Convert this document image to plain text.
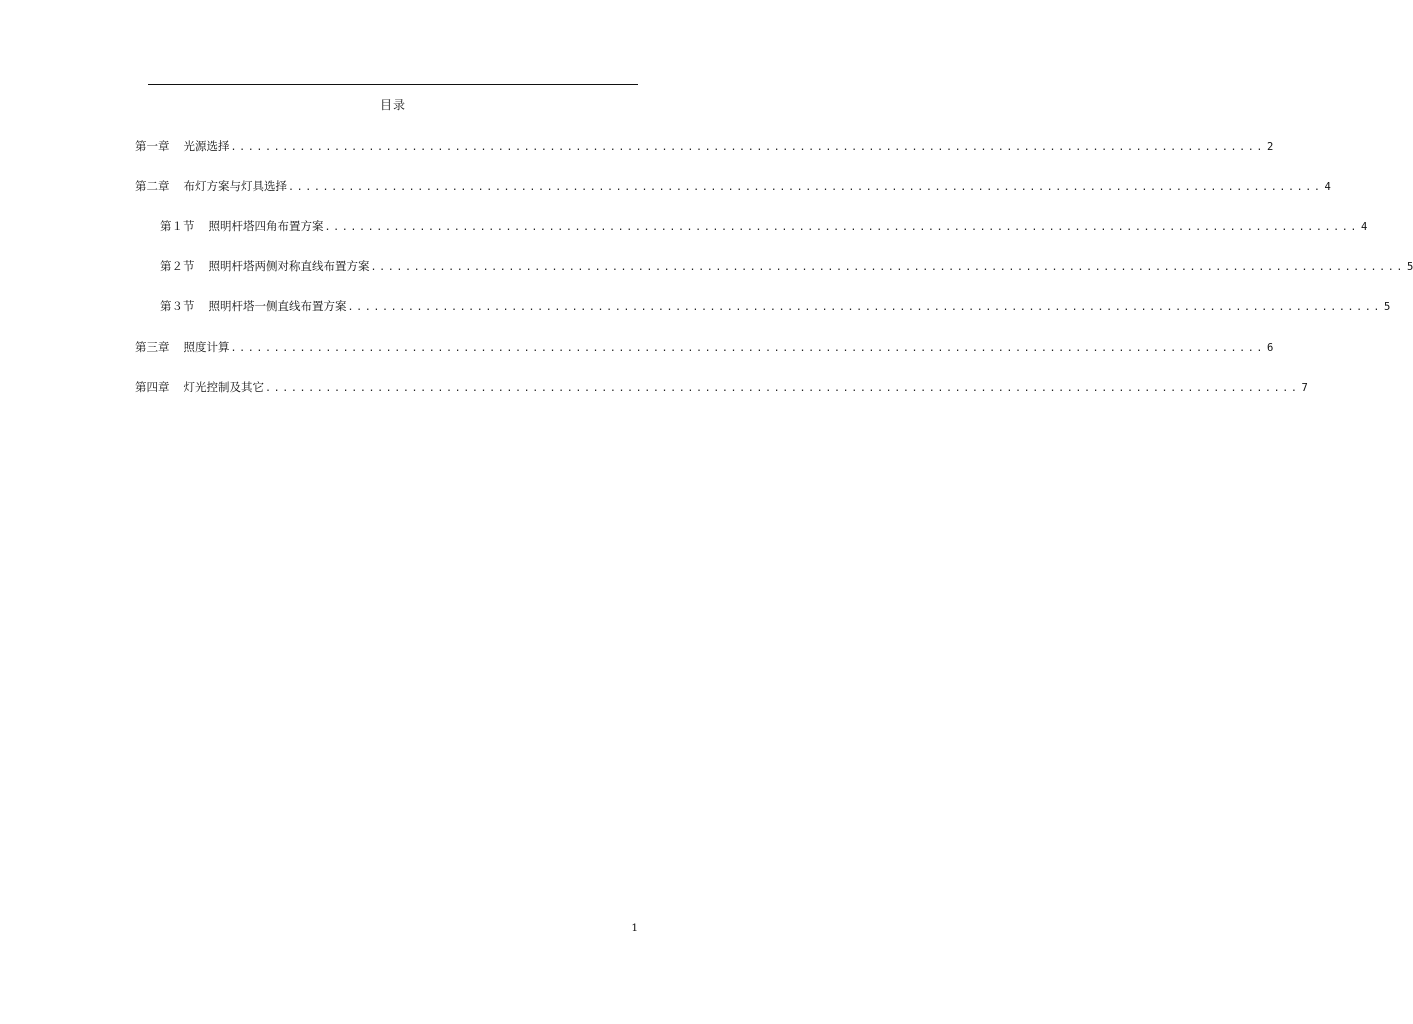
目录
第一章 光源选择 ........................................................................................................................ 2
第二章 布灯方案与灯具选择 ........................................................................................................................ 4
第１节 照明杆塔四角布置方案 ........................................................................................................................ 4
第２节 照明杆塔两侧对称直线布置方案 ........................................................................................................................ 5
第３节 照明杆塔一侧直线布置方案 ........................................................................................................................ 5
第三章 照度计算 ........................................................................................................................ 6
第四章 灯光控制及其它 ........................................................................................................................ 7
1
